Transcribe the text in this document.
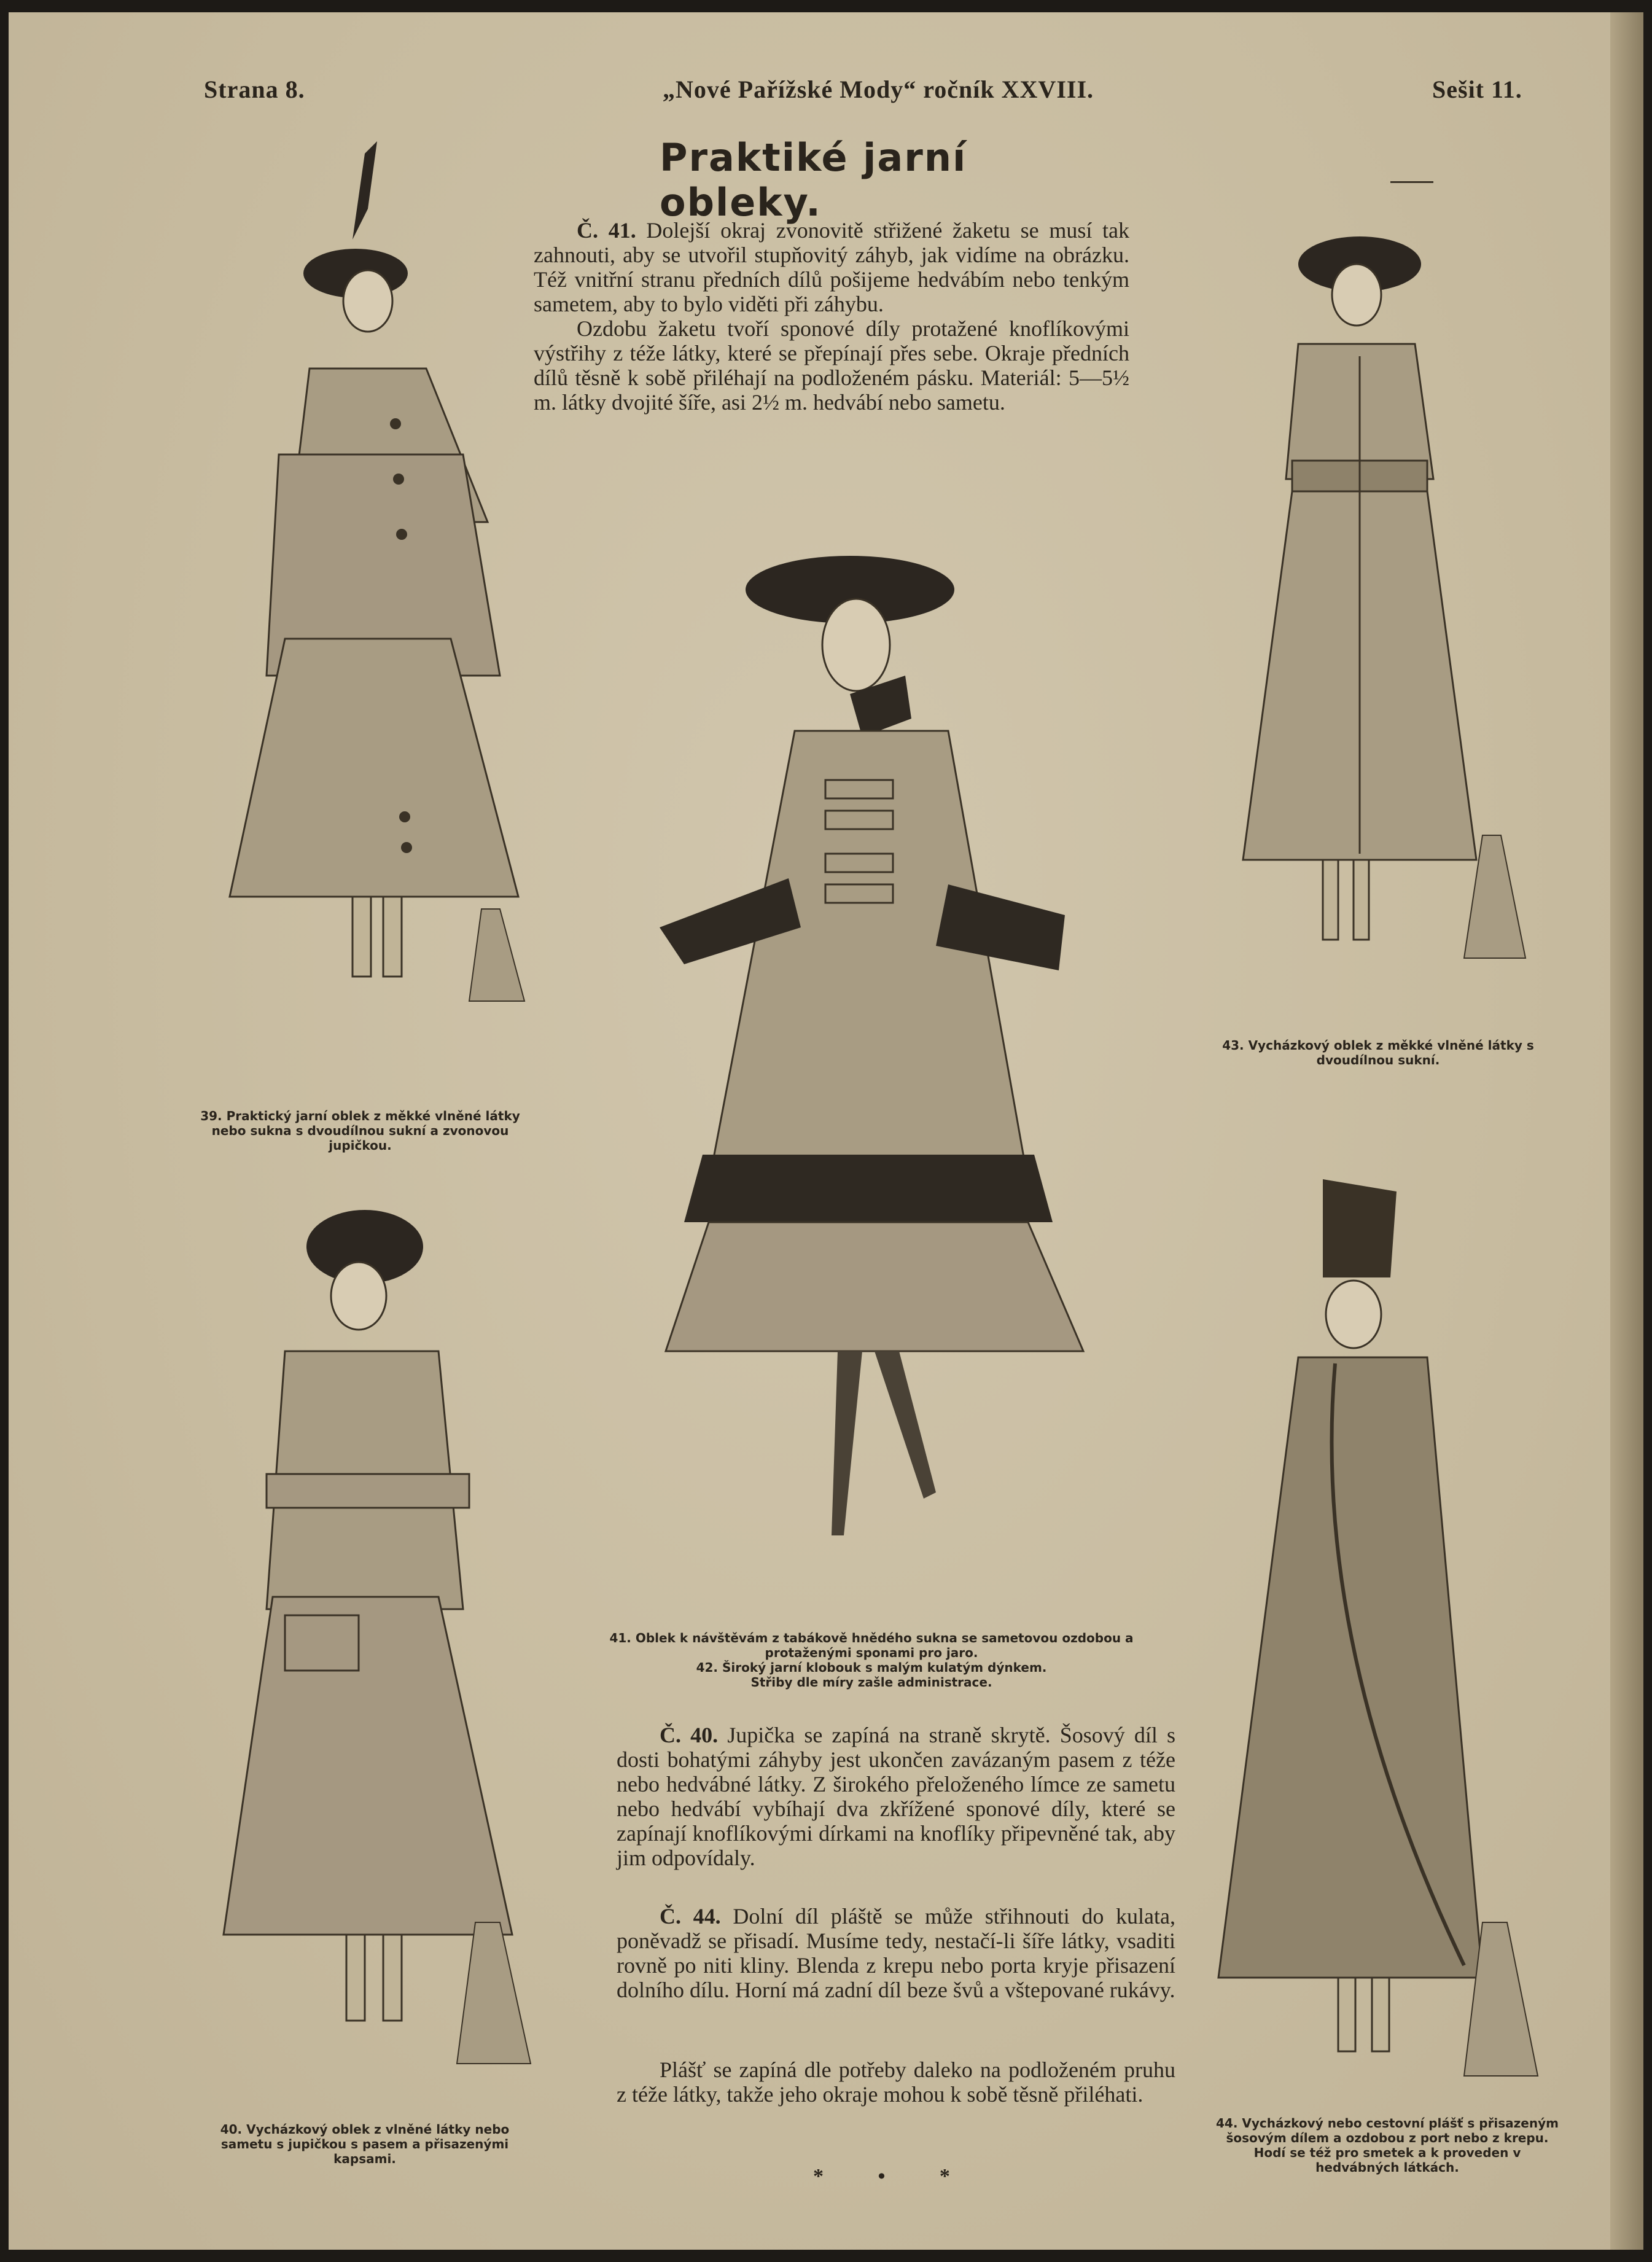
Strana 8.	„Nové Pařížské Mody“ ročník XXVIII.	Sešit 11.
Praktiké jarní obleky.

Č. 41. Dolejší okraj zvonovitě střižené žaketu se musí tak zahnouti, aby se utvořil stupňovitý záhyb, jak vidíme na obrázku. Též vnitřní stranu předních dílů pošijeme hedvábím nebo tenkým sametem, aby to bylo viděti při záhybu.

Ozdobu žaketu tvoří sponové díly protažené knoflíkovými výstřihy z téže látky, které se přepínají přes sebe. Okraje předních dílů těsně k sobě přiléhají na podloženém pásku. Materiál: 5—5½ m. látky dvojité šíře, asi 2½ m. hedvábí nebo sametu.

Č. 40. Jupička se zapíná na straně skrytě. Šosový díl s dosti bohatými záhyby jest ukončen zavázaným pasem z téže nebo hedvábné látky. Z širokého přeloženého límce ze sametu nebo hedvábí vybíhají dva zkřížené sponové díly, které se zapínají knoflíkovými dírkami na knoflíky připevněné tak, aby jim odpovídaly.

Č. 44. Dolní díl pláště se může střihnouti do kulata, poněvadž se přisadí. Musíme tedy, nestačí-li šíře látky, vsaditi rovně po niti kliny. Blenda z krepu nebo porta kryje přisazení dolního dílu. Horní má zadní díl beze švů a vštepované rukávy.

Plášť se zapíná dle potřeby daleko na podloženém pruhu z téže látky, takže jeho okraje mohou k sobě těsně přiléhati.

39. Praktický jarní oblek z měkké vlněné látky nebo sukna s dvoudílnou sukní a zvonovou jupičkou.
43. Vycházkový oblek z měkké vlněné látky s dvoudílnou sukní.
41. Oblek k návštěvám z tabákově hnědého sukna se sametovou ozdobou a protaženými sponami pro jaro.
42. Široký jarní klobouk s malým kulatým dýnkem.
Střiby dle míry zašle administrace.
40. Vycházkový oblek z vlněné látky nebo sametu s jupičkou s pasem a přisazenými kapsami.
44. Vycházkový nebo cestovní plášť s přisazeným šosovým dílem a ozdobou z port nebo z krepu. Hodí se též pro smetek a k proveden v hedvábných látkách.
* • *
